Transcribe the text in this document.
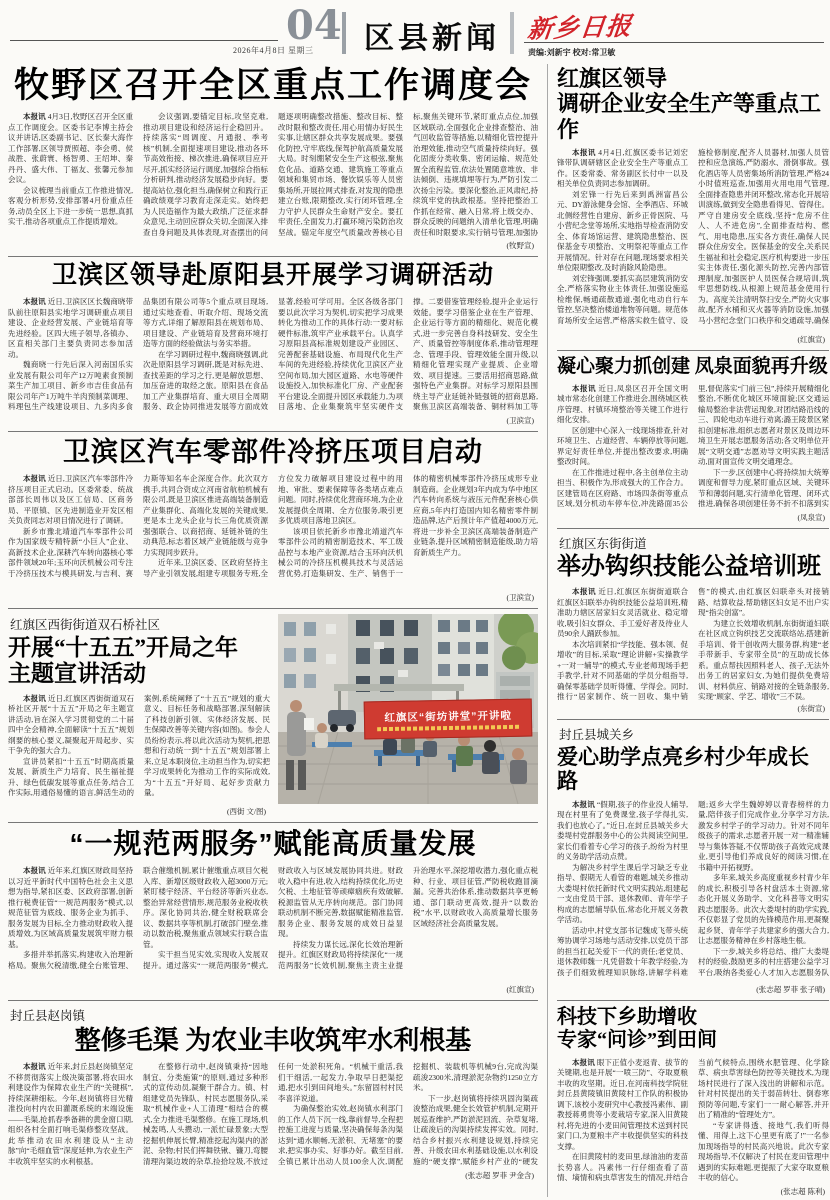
2026年4月8日 星期三
04 区县新闻 新乡日报
责编:刘新宇 校对:常卫敏
牧野区召开全区重点工作调度会

本报讯 4月3日,牧野区召开全区重点工作调度会。区委书记李博主持会议并讲话,区委副书记、区长秦大海作工作部署,区领导贾照超、李会勇、侯战胜、张蔚寰、杨智勇、王绍坤、秦丹丹、盛大伟、丁福友、张馨元参加会议。

会议梳理当前重点工作推进情况,客观分析形势,安排部署4月份重点任务,动员全区上下进一步统一思想,真抓实干,推动各项重点工作提质增效。

会议强调,要锚定目标,攻坚克难,推动项目建设和经济运行企稳回升。持续落实“周调度、月通报、季考核”机制,全面提速项目建设,推动各环节高效衔接、梯次推进,确保项目应开尽开,抓实经济运行调度,加强综合指标分析研判,推动经济发展稳步向好。要提高站位,强化担当,确保树立和践行正确政绩观学习教育走深走实。始终把为人民造福作为最大政绩,广泛征求群众意见,主动回应群众关切,全面深入排查自身问题及具体表现,对查摆出的问题逐项明确整改措施、整改目标、整改时限和整改责任,用心用情办好民生实事,让辖区群众共享发展成果。要强化防控,守牢底线,保驾护航高质量发展大局。时刻绷紧安全生产这根弦,聚焦危化品、道路交通、建筑施工等重点领域和集贸市场、餐饮娱乐等人员密集场所,开展拉网式排查,对发现的隐患建立台账,限期整改,实行闭环管理,全力守护人民群众生命财产安全。要扛牢责任,全面发力,打赢环境污染防治攻坚战。锚定年度空气质量改善核心目标,聚焦关键环节,紧盯重点点位,加强区域联动,全面强化企业排查整治、油气回收监管等措施,以精细化管控提升治理效能,推动空气质量持续向好。强化固废分类收集、密闭运输、规范处置全流程监管,依法处置随意堆放、非法倾倒、违规填埋等行为,严防引发二次扬尘污染。要深化整治,正风肃纪,持续筑牢党的执政根基。坚持把整治工作抓在经常、融入日常,将上级交办、群众反映的问题纳入清单化管理,明确责任和时限要求,实行销号管理,加强协

(牧野宣)
卫滨区领导赴原阳县开展学习调研活动

本报讯 近日,卫滨区区长魏商晓带队前往原阳县实地学习调研重点项目建设、企业经营发展、产业链培育等先进经验。区四大班子领导,各镇办、区直相关部门主要负责同志参加活动。

魏商晓一行先后深入河南国乐实业发展有限公司年产12万吨素食预制菜生产加工项目、新乡市吉佳食品有限公司年产1万吨牛羊肉预制菜调理、料理包生产线建设项目、九多肉多食品集团有限公司等5个重点项目现场,通过实地查看、听取介绍、现场交流等方式,详细了解原阳县在规划布局、项目建设、产业链培育及营商环境打造等方面的经验做法与务实举措。

在学习调研过程中,魏商晓强调,此次赴原阳县学习调研,既是对标先进、查找差距的学习之行,更是解放思想、加压奋进的取经之旅。原阳县在食品加工产业集群培育、重大项目全周期服务、政企协同推进发展等方面成效显著,经验可学可用。全区各级各部门要以此次学习为契机,切实把学习成果转化为推动工作的具体行动:一要对标硬件标准,筑牢产业承载平台。认真学习原阳县高标准规划建设产业园区、完善配套基础设施、布局现代化生产车间的先进经验,持续优化卫滨区产业空间布局,加大园区道路、水电等硬件设施投入,加快标准化厂房、产业配套平台建设,全面提升园区承载能力,为项目落地、企业集聚筑牢坚实硬件支撑。二要借鉴管理经验,提升企业运行效能。要学习借鉴企业在生产管理、企业运行等方面的精细化、规范化模式,进一步完善自身科技研发、安全生产、质量管控等制度体系,推动管理理念、管理手段、管理效能全面升级,以精细化管理实现产业提质、企业增效、项目提速。三要活用招商思路,做强特色产业集群。对标学习原阳县围绕主导产业延链补链强链的招商思路,聚焦卫滨区高端装备、铜材料加工等

(卫滨宣)
卫滨区汽车零部件冷挤压项目启动

本报讯 近日,卫滨区汽车零部件冷挤压项目正式启动。区委常委、统战部部长周伟以及区工信局、区商务局、平原镇、区先进制造业开发区相关负责同志对项目情况进行了调研。

新乡市豫北靖道汽车零部件公司作为国家级专精特新“小巨人”企业、高新技术企业,深耕汽车转向器核心零部件领域20年;玉环向沃机械公司专注于冷挤压技术与模具研发,与吉利、赛力斯等知名车企深度合作。此次双方携手,共同合资成立河南省航柏机械有限公司,既是卫滨区推进高端装备制造产业集群化、高端化发展的关键成果,更是本土龙头企业与长三角优质资源强强联合、以商招商、延链补链的生动典范,标志着区域产业链能级与竞争力实现同步跃升。

近年来,卫滨区委、区政府坚持主导产业引领发展,组建专项服务专班,全方位发力破解项目建设过程中的用地、审批、要素保障等各类堵点难点问题。同时,持续优化营商环境,为企业发展提供全周期、全方位服务,吸引更多优质项目落地卫滨区。

该项目依托新乡市豫北靖道汽车零部件公司的精密制造技术、军工级品控与本地产业资源,结合玉环向沃机械公司的冷挤压机模具技术与灵活运营优势,打造集研发、生产、销售于一体的精密机械零部件冷挤压成形专业制造商。企业规划3年内成为华中地区汽车转向系统与液压元件配套核心供应商,5年内打造国内知名精密零件制造品牌,达产后预计年产值超4000万元,将进一步补全卫滨区高端装备制造产业链条,提升区域精密制造能级,助力培育新质生产力。

(卫滨宣)
红旗区西街街道双石桥社区
开展“十五五”开局之年
主题宣讲活动

本报讯 近日,红旗区西街街道双石桥社区开展“十五五”开局之年主题宣讲活动,旨在深入学习贯彻党的二十届四中全会精神,全面解读“十五五”规划纲要的核心要义,凝聚起开局起步、实干争先的强大合力。

宣讲员紧扣“十五五”时期高质量发展、新质生产力培育、民生福祉提升、绿色低碳发展等重点任务,结合工作实际,用通俗易懂的语言,鲜活生动的案例,系统阐释了“十五五”规划的重大意义、目标任务和战略部署,深刻解读了科技创新引领、实体经济发展、民生保障改善等关键内容(如图)。参会人员纷纷表示,将以此次活动为契机,把思想和行动统一到“十五五”规划部署上来,立足本职岗位,主动担当作为,切实把学习成果转化为推动工作的实际成效,为“十五五”开好局、起好步贡献力量。

(西街 文/图)
红旗区“街坊讲堂”开讲啦
“一规范两服务”赋能高质量发展

本报讯 近年来,红旗区财政局坚持以习近平新时代中国特色社会主义思想为指导,紧扣区委、区政府部署,创新推行税费征管“一规范两服务”模式,以规范征管为底线、服务企业为抓手、服务发展为目标,全力推动财政收入提质增效,为区域高质量发展筑牢财力根基。

多措并举抓落实,构建收入治理新格局。聚焦欠税清缴,健全台账管理、联合催缴机制,累计催缴重点项目欠税入库、新增区级财政收入超3000万元;紧盯楼宇经济、平台经济等新兴业态,整治异常经营情形,规范服务业税收秩序。深化协同共治,健全财税联席会议、数据共享等机制,打破部门壁垒,推动以数治税,聚焦重点领域实行联合监管。

实干担当见实效,实现收入发展双提升。通过落实“一规范两服务”模式,财政收入与区域发展协同共进。财政收入稳中有进,收入结构持续优化,历史欠税、土地征管等顽瘴痼疾有效破解,税源监管从无序转向规范。部门协同联动机制不断完善,数据赋能精准监管,服务企业、服务发展的成效日益显现。

持续发力谋长远,深化长效治理新提升。红旗区财政局将持续深化“一规范两服务”长效机制,聚焦主责主业提升治理水平,深挖增收潜力,强化重点税种、行业、项目征管,严防税收跑冒滴漏。完善共治体系,推动数据共享更畅通、部门联动更高效,提升“以数治税”水平,以财政收入高质量增长服务区域经济社会高质量发展。

(红旗宣)
封丘县赵岗镇
整修毛渠 为农业丰收筑牢水利根基

本报讯 近年来,封丘县赵岗镇坚定不移贯彻落实上级决策部署,将农田水利建设作为保障农业生产的“关键棋”,持续深耕细耘。今年,赵岗镇将目光精准投向村内农田灌溉系统的末端设施——毛渠,抢抓春季备耕的黄金窗口期,组织各村全面打响毛渠修整攻坚战。此举推动农田水利建设从“主动脉”向“毛细血管”深度延伸,为农业生产丰收筑牢坚实的水利根基。

在整修行动中,赵岗镇秉持“因地制宜、分类施策”的原则,通过多种形式的宣传动员,凝聚干群合力。镇、村组建党员先锋队、村民志愿服务队,采取“机械作业+人工清理”相结合的模式,全力推进毛渠整修。在施工现场,机械轰鸣,人头攒动,一派忙碌景象;大型挖掘机伸展长臂,精准挖起沟渠内的淤泥、杂物;村民们挥舞铁锹、镰刀,弯腰清理沟渠边坡的杂草,捡拾垃圾,不放过任何一处淤积死角。“机械干重活,我们干细活,一起发力,争取早日把渠挖通,把水引到田间地头。”东留固村村民李喜洋说道。

为确保整治实效,赵岗镇水利部门的工作人员下沉一线,靠前督导,全程把控施工进度与质量,坚决确保每条沟渠达到“通水顺畅,无淤积、无堵塞”的要求,把实事办实、好事办好。截至目前,全镇已累计出动人员100余人次,调配挖掘机、装载机等机械9台,完成沟渠疏浚2300米,清理淤泥杂物约1250立方米。

下一步,赵岗镇将持续巩固沟渠疏浚整治成果,健全长效管护机制,定期开展巡查维护,严防淤泥回流、杂草复堵,让疏浚后的沟渠持续发挥实效。同时,结合乡村振兴水利建设规划,持续完善、升级农田水利基础设施,以水利设施的“硬支撑”,赋能乡村产业的“硬发

(张志超 罗菲 尹金含)
红旗区领导
调研企业安全生产等重点工作

本报讯 4月4日,红旗区委书记刘宏锋带队调研辖区企业安全生产等重点工作。区委常委、常务副区长付中一以及相关单位负责同志参加调研。

刘宏锋一行先后来到禹洲富昌公元、DY游泳健身会馆、全季酒店、环城北侧经营性自建房、新乡正骨医院、马小营纪念堂等场所,实地指导检查消防安全、体育场馆运营、建筑隐患整治、医保基金专项整治、文明祭祀等重点工作开展情况。针对存在问题,现场要求相关单位限期整改,及时消除风险隐患。

刘宏锋强调,要抓实高层建筑消防安全,严格落实物业主体责任,加强设施巡检维保,畅通疏散通道,强化电动自行车管控,坚决整治楼道堆物等问题。规范体育场所安全运营,严格落实救生值守、设施检修制度,配齐人员器材,加强人员管控和应急演练,严防溺水、滑倒事故。强化酒店等人员密集场所消防管理,严格24小时值班巡查,加强用火用电用气管理,全面排查隐患并闭环整改,常态化开展培训演练,做到安全隐患看得见、管得住。严守自建房安全底线,坚持“危房不住人、人不进危房”,全面排查结构、燃气、用电隐患,压实各方责任,确保人民群众住房安全。医保基金的安全,关系民生福祉和社会稳定,医疗机构要进一步压实主体责任,强化源头防控,完善内部管理制度,加强医护人员医保合规培训,筑牢思想防线,从根源上规范基金使用行为。高度关注清明祭扫安全,严防火灾事故,配齐水桶和灭火器等消防设施,加强马小营纪念堂门口秩序和交通疏导,确保

(红旗宣)
凝心聚力抓创建 凤泉面貌再升级

本报讯 近日,凤泉区召开全国文明城市常态化创建工作推进会,围绕城区秩序管理、村镇环境整治等关键工作进行细化安排。

区创建中心深入一线现场排查,针对环境卫生、占道经营、车辆停放等问题,界定好责任单位,并提出整改要求,明确整改时间。

在工作推进过程中,各主创单位主动担当、积极作为,形成强大的工作合力。区建管局在区府路、市场四条街等重点区域,划分机动车停车位,冲洗路面35公里,督促落实“门前三包”,持续开展精细化整治,不断优化城区环境面貌;区交通运输局整治非法营运现象,对团结路沿线的三、四轮电动车进行劝离;潞王陵景区紧扣创建标准,组织志愿者对景区及周边环境卫生开展志愿服务活动;各文明单位开展“文明交通”志愿劝导文明实践主题活动,面对面宣传文明交通理念。

下一步,区创建中心将持续加大统筹调度和督导力度,紧盯重点区域、关键环节和薄弱问题,实行清单化管理、闭环式推进,确保各项创建任务不折不扣落到实

(凤泉宣)
红旗区东街街道
举办钩织技能公益培训班

本报讯 近日,红旗区东街街道联合红旗区妇联举办钩织技能公益培训班,精准助力辖区居家妇女灵活就业、稳定增收,吸引妇女群众、手工爱好者及待业人员90余人踊跃参加。

本次培训紧扣“学技能、强本领、促增收”的目标,采取“理论讲解+实操教学+一对一辅导”的模式,专业老师现场手把手教学,针对不同基础的学员分组指导,确保零基础学员听得懂、学得会。同时,推行“居家制作、统一回收、集中销售”的模式,由红旗区妇联牵头对接销路、结算收益,帮助辖区妇女足不出户实现“指尖创富”。

为建立长效增收机制,东街街道妇联在社区成立钩织技艺交流联络站,搭建新手培训、骨干创收两大服务群,构建“老手带新手、专家带全员”的互助成长体系。重点帮扶因照料老人、孩子,无法外出务工的居家妇女,为她们提供免费培训、材料供应、销路对接的全链条服务,实现“顾家、学艺、增收”三不误。

(东街宣)
封丘县城关乡
爱心助学点亮乡村少年成长路

本报讯 “假期,孩子的作业没人辅导,现在村里有了免费课堂,孩子学得扎实,我们也放心了。”近日,在封丘县城关乡大娄堤村党群服务中心的公共阅读空间里,家长们看着专心学习的孩子,纷纷为村里的义务助学活动点赞。

为解决乡村学生课后学习缺乏专业指导、假期无人看管的难题,城关乡推动大娄堤村依托新时代文明实践站,组建起一支由党员干部、退休教师、青年学子构成的志愿辅导队伍,常态化开展义务教学活动。

活动中,村党支部书记魏成飞带头统筹协调学习场地与活动安排,以党员干部的担当扛起关爱下一代的责任;老党员、退休教师魏一凡凭借数十年教学经验,为孩子们细致梳理知识脉络,讲解学科难题;返乡大学生魏婷婷以青春榜样的力量,陪伴孩子们完成作业,分享学习方法,激发乡村学子的学习动力。针对不同年级孩子的需求,志愿者开展一对一精准辅导与集体答疑,不仅帮助孩子高效完成课业,更引导他们养成良好的阅读习惯,在书籍中开拓视野。

多年来,城关乡高度重视乡村青少年的成长,积极引导各村盘活本土资源,常态化开展义务助学、文化科普等文明实践志愿服务。此次大娄堤村的助学实践,不仅彰显了党员的先锋模范作用,更凝聚起乡贤、青年学子共建家乡的强大合力,让志愿服务精神在乡村落地生根。

下一步,城关乡将总结、推广大娄堤村的经验,鼓励更多的村庄搭建公益学习平台,吸纳各类爱心人才加入志愿服务队

(张志超 罗菲 张子晴)
科技下乡助增收
专家“问诊”到田间

本报讯 眼下正值小麦返青、拔节的关键期,也是开展“一喷三防”、夺取夏粮丰收的攻坚期。近日,在河南科技学院驻封丘县黄陵镇旧黄陵村工作队的积极协调下,该校小麦研究中心教授冯素伟、副教授蒋勇贵等小麦栽培专家,深入旧黄陵村,将先进的小麦田间管理技术送到村民家门口,为夏粮丰产丰收提供坚实的科技支撑。

在旧黄陵村的麦田里,绿油油的麦苗长势喜人。冯素伟一行仔细查看了苗情、墒情和病虫草害发生的情况,并结合当前气候特点,围绕水肥管理、化学除草、病虫草害绿色防控等关键技术,为现场村民进行了深入浅出的讲解和示范。针对村民提出的关于弱苗转壮、倒春寒预防等问题,专家们一一耐心解答,并开出了精准的“管理处方”。

“专家讲得透、接地气,我们听得懂、用得上,这下心里更有底了!”一名参加现场指导的村民高兴地说。此次专家现场指导,不仅解决了村民在麦田管理中遇到的实际难题,更提振了大家夺取夏粮丰收的信心。

(张志超 陈利)
